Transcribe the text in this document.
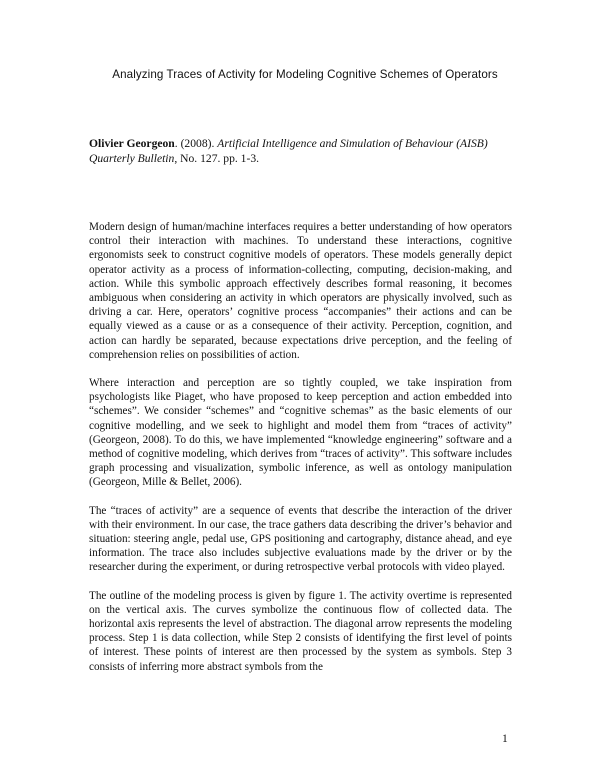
Analyzing Traces of Activity for Modeling Cognitive Schemes of Operators
Olivier Georgeon. (2008). Artificial Intelligence and Simulation of Behaviour (AISB) Quarterly Bulletin, No. 127. pp. 1-3.

Modern design of human/machine interfaces requires a better understanding of how operators control their interaction with machines. To understand these interactions, cognitive ergonomists seek to construct cognitive models of operators. These models generally depict operator activity as a process of information-collecting, computing, decision-making, and action. While this symbolic approach effectively describes formal reasoning, it becomes ambiguous when considering an activity in which operators are physically involved, such as driving a car. Here, operators’ cognitive process “accompanies” their actions and can be equally viewed as a cause or as a consequence of their activity. Perception, cognition, and action can hardly be separated, because expectations drive perception, and the feeling of comprehension relies on possibilities of action.

Where interaction and perception are so tightly coupled, we take inspiration from psychologists like Piaget, who have proposed to keep perception and action embedded into “schemes”. We consider “schemes” and “cognitive schemas” as the basic elements of our cognitive modelling, and we seek to highlight and model them from “traces of activity” (Georgeon, 2008). To do this, we have implemented “knowledge engineering” software and a method of cognitive modeling, which derives from “traces of activity”. This software includes graph processing and visualization, symbolic inference, as well as ontology manipulation (Georgeon, Mille & Bellet, 2006).

The “traces of activity” are a sequence of events that describe the interaction of the driver with their environment. In our case, the trace gathers data describing the driver’s behavior and situation: steering angle, pedal use, GPS positioning and cartography, distance ahead, and eye information. The trace also includes subjective evaluations made by the driver or by the researcher during the experiment, or during retrospective verbal protocols with video played.

The outline of the modeling process is given by figure 1. The activity overtime is represented on the vertical axis. The curves symbolize the continuous flow of collected data. The horizontal axis represents the level of abstraction. The diagonal arrow represents the modeling process. Step 1 is data collection, while Step 2 consists of identifying the first level of points of interest. These points of interest are then processed by the system as symbols. Step 3 consists of inferring more abstract symbols from the

1
